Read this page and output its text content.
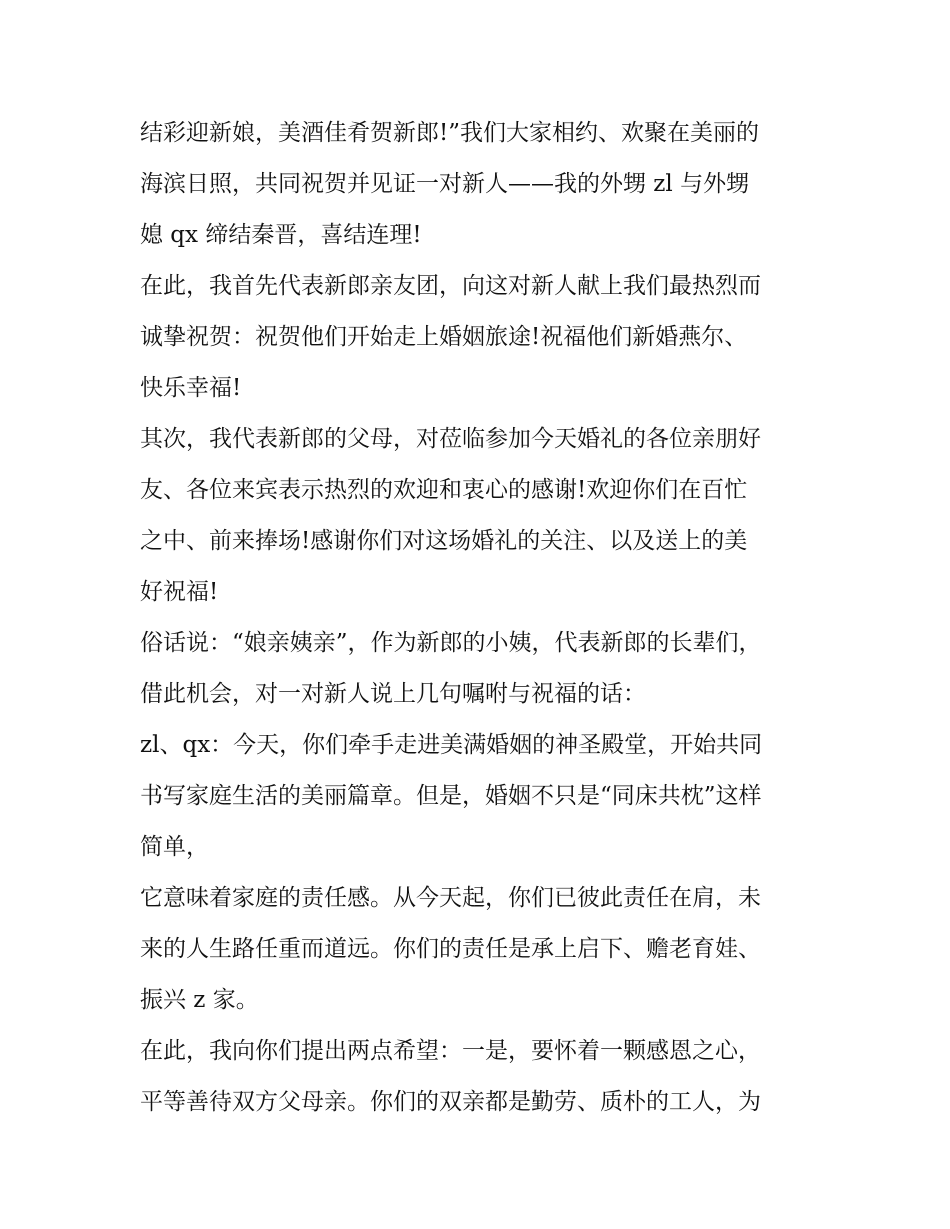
结彩迎新娘，美酒佳肴贺新郎!”我们大家相约、欢聚在美丽的
海滨日照，共同祝贺并见证一对新人——我的外甥 zl 与外甥
媳 qx 缔结秦晋，喜结连理!
在此，我首先代表新郎亲友团，向这对新人献上我们最热烈而
诚挚祝贺：祝贺他们开始走上婚姻旅途!祝福他们新婚燕尔、
快乐幸福!
其次，我代表新郎的父母，对莅临参加今天婚礼的各位亲朋好
友、各位来宾表示热烈的欢迎和衷心的感谢!欢迎你们在百忙
之中、前来捧场!感谢你们对这场婚礼的关注、以及送上的美
好祝福!
俗话说：“娘亲姨亲”，作为新郎的小姨，代表新郎的长辈们，
借此机会，对一对新人说上几句嘱咐与祝福的话：
zl、qx：今天，你们牵手走进美满婚姻的神圣殿堂，开始共同
书写家庭生活的美丽篇章。但是，婚姻不只是“同床共枕”这样
简单，
它意味着家庭的责任感。从今天起，你们已彼此责任在肩，未
来的人生路任重而道远。你们的责任是承上启下、赡老育娃、
振兴 z 家。
在此，我向你们提出两点希望：一是，要怀着一颗感恩之心，
平等善待双方父母亲。你们的双亲都是勤劳、质朴的工人，为
